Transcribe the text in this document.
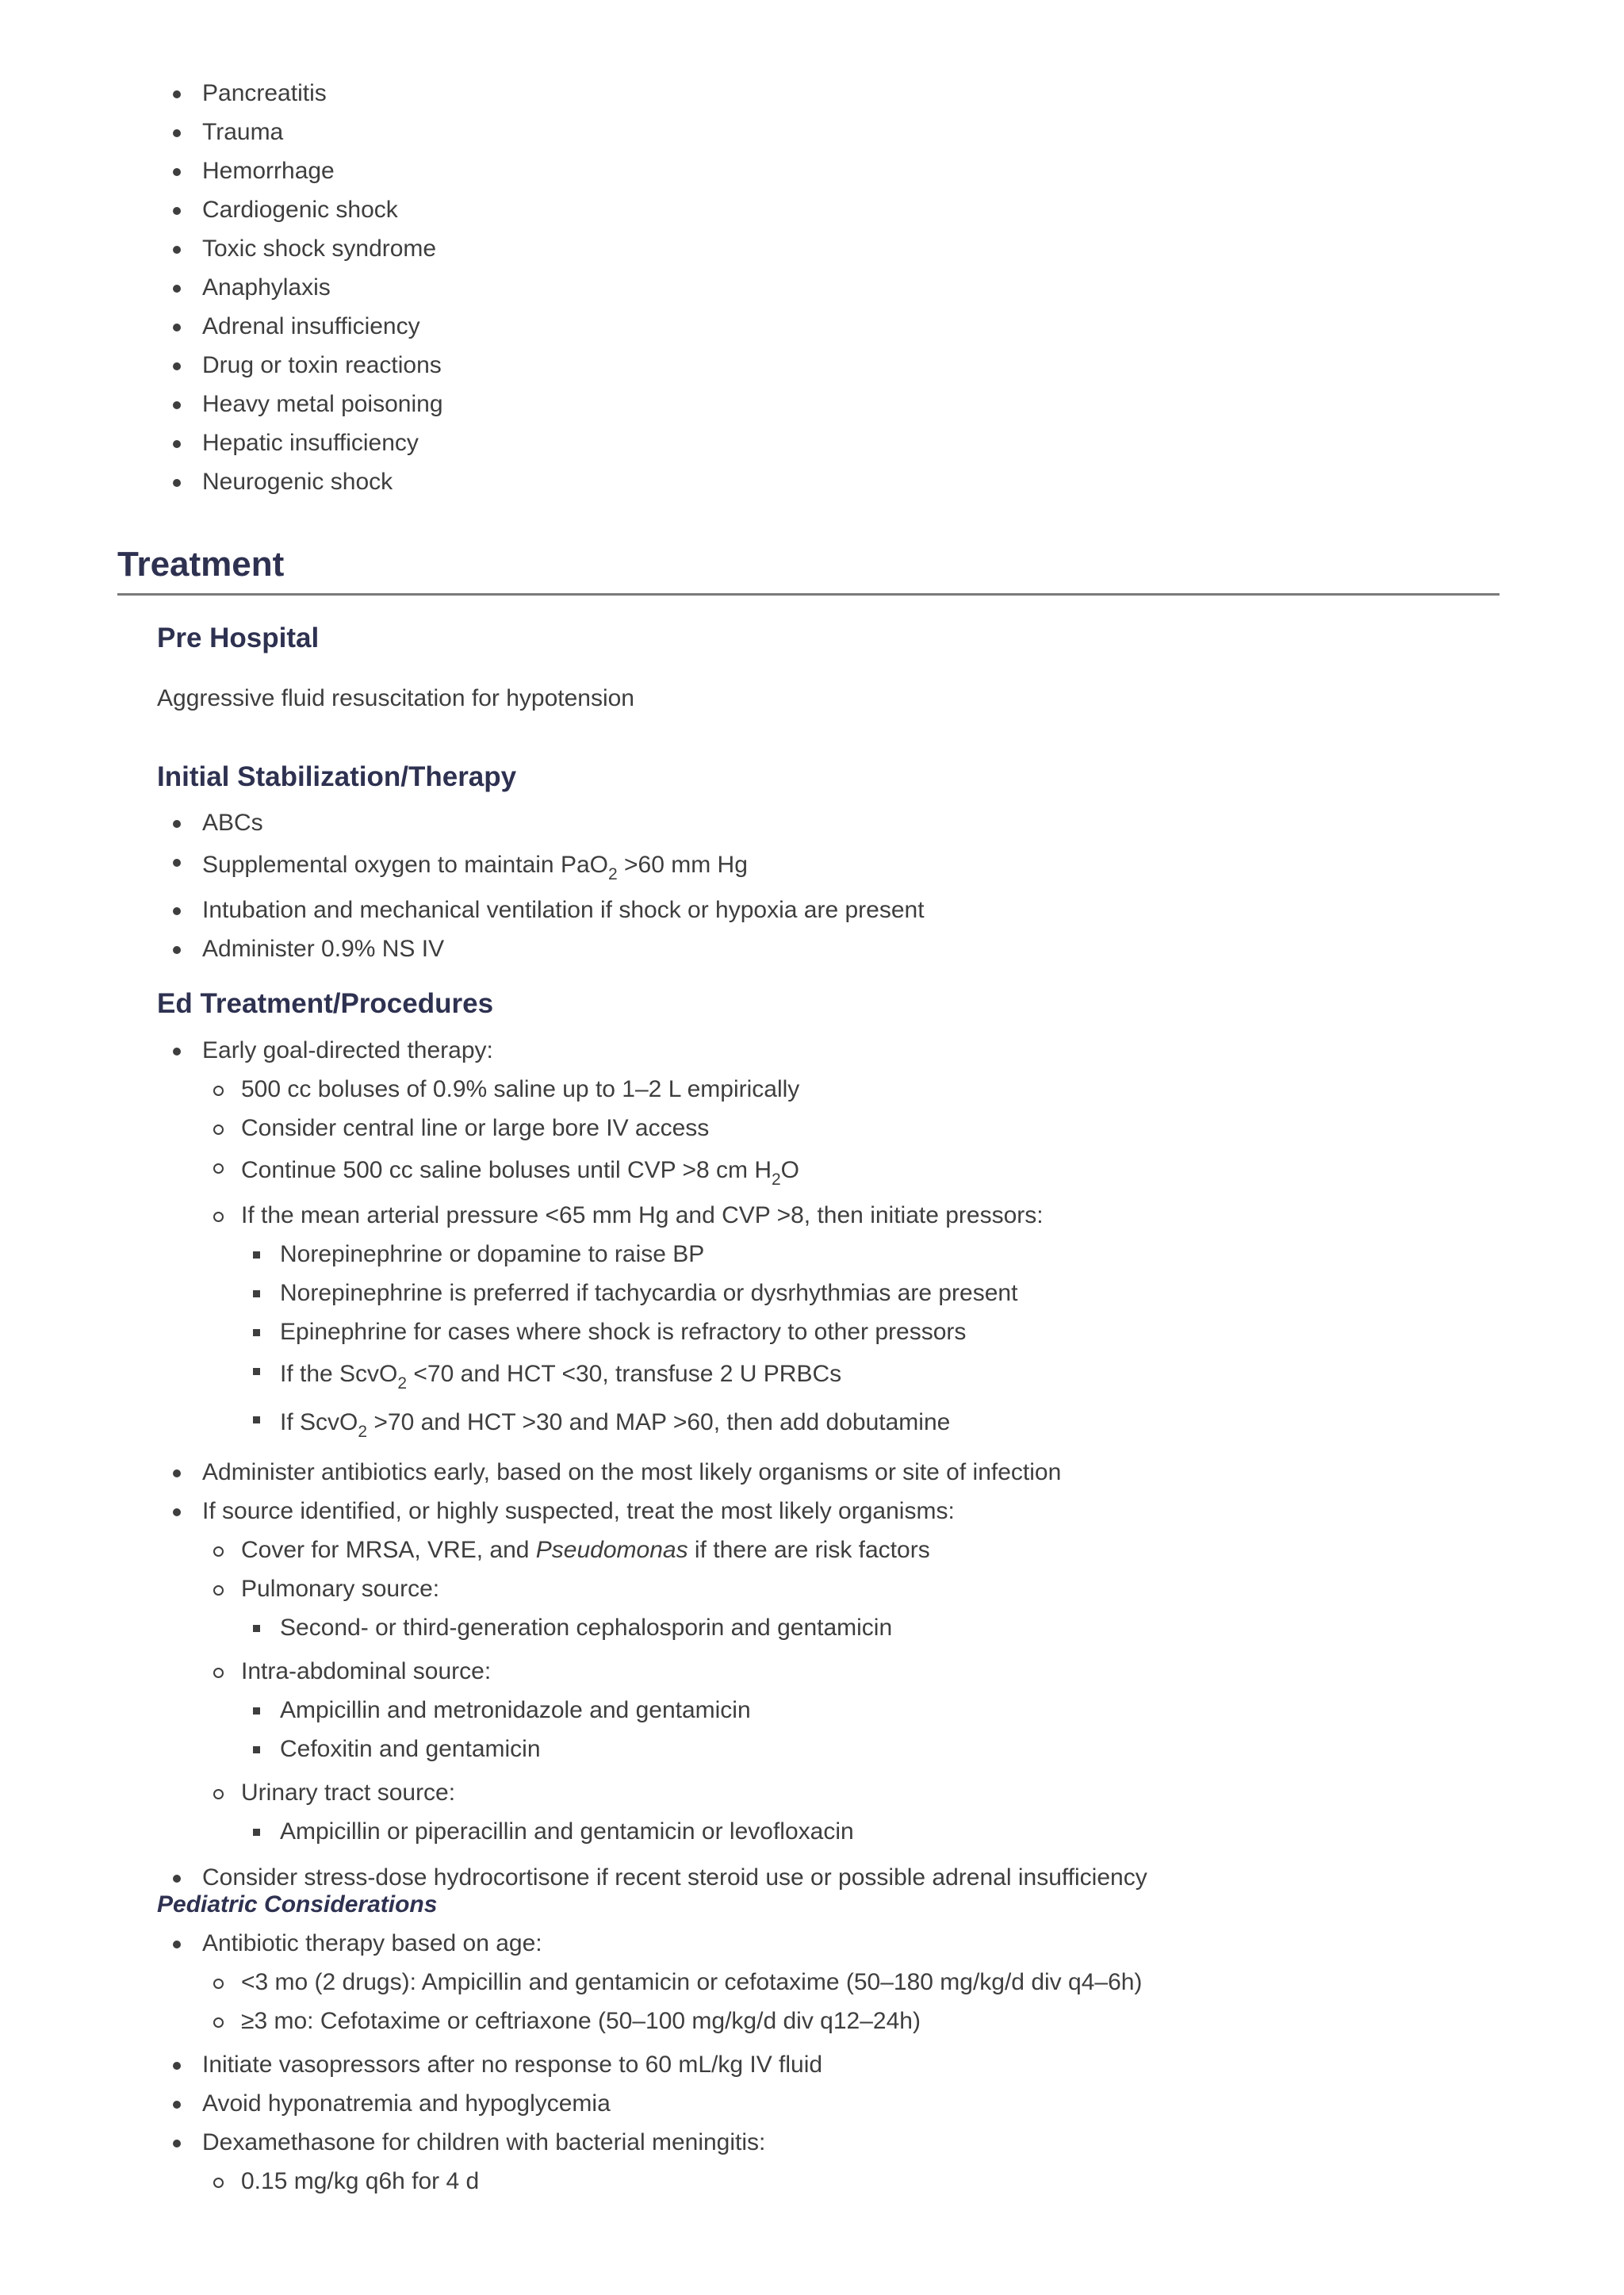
Pancreatitis
Trauma
Hemorrhage
Cardiogenic shock
Toxic shock syndrome
Anaphylaxis
Adrenal insufficiency
Drug or toxin reactions
Heavy metal poisoning
Hepatic insufficiency
Neurogenic shock
Treatment
Pre Hospital
Aggressive fluid resuscitation for hypotension
Initial Stabilization/Therapy
ABCs
Supplemental oxygen to maintain PaO$_2$ >60 mm Hg
Intubation and mechanical ventilation if shock or hypoxia are present
Administer 0.9% NS IV
Ed Treatment/Procedures
Early goal-directed therapy:
500 cc boluses of 0.9% saline up to 1–2 L empirically
Consider central line or large bore IV access
Continue 500 cc saline boluses until CVP >8 cm $H_2O$
If the mean arterial pressure <65 mm Hg and CVP >8, then initiate pressors:
Norepinephrine or dopamine to raise BP
Norepinephrine is preferred if tachycardia or dysrhythmias are present
Epinephrine for cases where shock is refractory to other pressors
If the ScvO$_2$ <70 and HCT <30, transfuse 2 U PRBCs
If ScvO$_2$ >70 and HCT >30 and MAP >60, then add dobutamine
Administer antibiotics early, based on the most likely organisms or site of infection
If source identified, or highly suspected, treat the most likely organisms:
Cover for MRSA, VRE, and Pseudomonas if there are risk factors
Pulmonary source:
Second- or third-generation cephalosporin and gentamicin
Intra-abdominal source:
Ampicillin and metronidazole and gentamicin
Cefoxitin and gentamicin
Urinary tract source:
Ampicillin or piperacillin and gentamicin or levofloxacin
Consider stress-dose hydrocortisone if recent steroid use or possible adrenal insufficiency
Pediatric Considerations
Antibiotic therapy based on age:
<3 mo (2 drugs): Ampicillin and gentamicin or cefotaxime (50–180 mg/kg/d div q4–6h)
≥3 mo: Cefotaxime or ceftriaxone (50–100 mg/kg/d div q12–24h)
Initiate vasopressors after no response to 60 mL/kg IV fluid
Avoid hyponatremia and hypoglycemia
Dexamethasone for children with bacterial meningitis:
0.15 mg/kg q6h for 4 d
